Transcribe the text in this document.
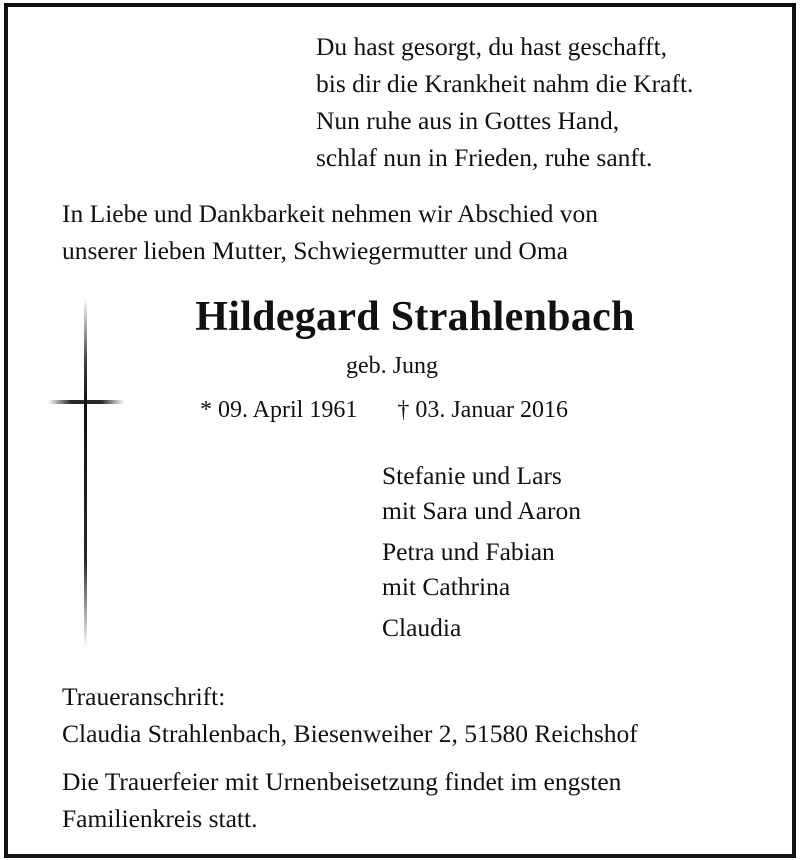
Du hast gesorgt, du hast geschafft,
bis dir die Krankheit nahm die Kraft.
Nun ruhe aus in Gottes Hand,
schlaf nun in Frieden, ruhe sanft.
In Liebe und Dankbarkeit nehmen wir Abschied von
unserer lieben Mutter, Schwiegermutter und Oma
Hildegard Strahlenbach
geb. Jung
* 09. April 1961 † 03. Januar 2016
Stefanie und Lars
mit Sara und Aaron
Petra und Fabian
mit Cathrina
Claudia
Traueranschrift:
Claudia Strahlenbach, Biesenweiher 2, 51580 Reichshof
Die Trauerfeier mit Urnenbeisetzung findet im engsten
Familienkreis statt.
